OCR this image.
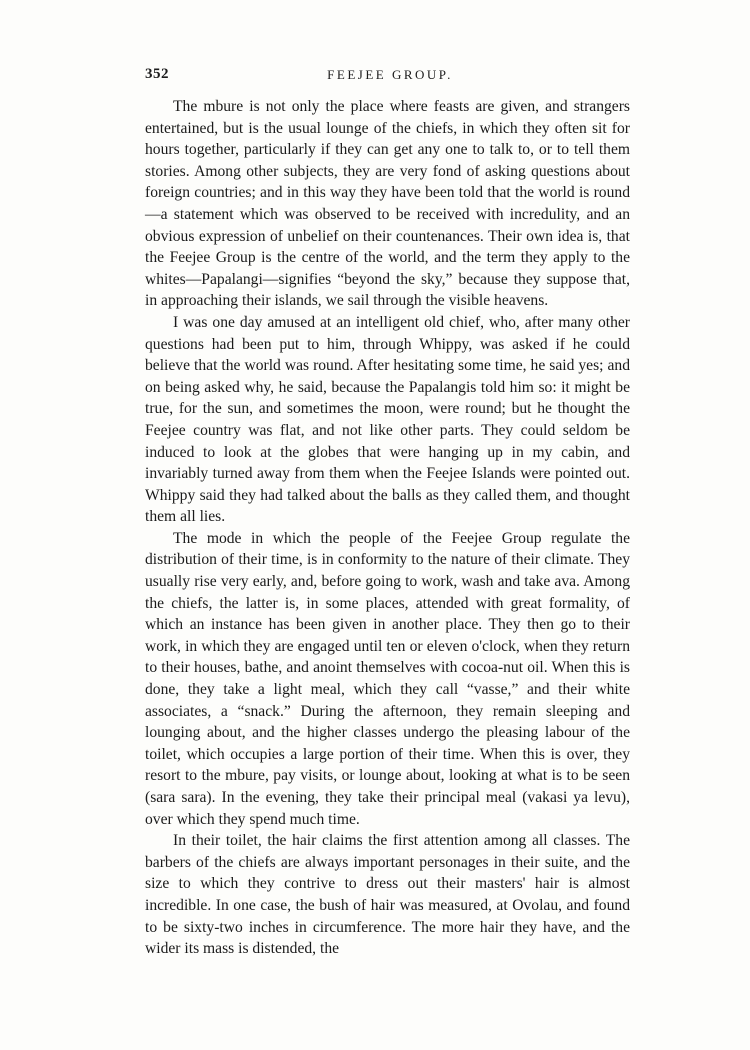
352	FEEJEE GROUP.

The mbure is not only the place where feasts are given, and strangers entertained, but is the usual lounge of the chiefs, in which they often sit for hours together, particularly if they can get any one to talk to, or to tell them stories. Among other subjects, they are very fond of asking questions about foreign countries; and in this way they have been told that the world is round—a statement which was observed to be received with incredulity, and an obvious expression of unbelief on their countenances. Their own idea is, that the Feejee Group is the centre of the world, and the term they apply to the whites—Papalangi—signifies “beyond the sky,” because they suppose that, in approaching their islands, we sail through the visible heavens.

I was one day amused at an intelligent old chief, who, after many other questions had been put to him, through Whippy, was asked if he could believe that the world was round. After hesitating some time, he said yes; and on being asked why, he said, because the Papalangis told him so: it might be true, for the sun, and sometimes the moon, were round; but he thought the Feejee country was flat, and not like other parts. They could seldom be induced to look at the globes that were hanging up in my cabin, and invariably turned away from them when the Feejee Islands were pointed out. Whippy said they had talked about the balls as they called them, and thought them all lies.

The mode in which the people of the Feejee Group regulate the distribution of their time, is in conformity to the nature of their climate. They usually rise very early, and, before going to work, wash and take ava. Among the chiefs, the latter is, in some places, attended with great formality, of which an instance has been given in another place. They then go to their work, in which they are engaged until ten or eleven o'clock, when they return to their houses, bathe, and anoint themselves with cocoa-nut oil. When this is done, they take a light meal, which they call “vasse,” and their white associates, a “snack.” During the afternoon, they remain sleeping and lounging about, and the higher classes undergo the pleasing labour of the toilet, which occupies a large portion of their time. When this is over, they resort to the mbure, pay visits, or lounge about, looking at what is to be seen (sara sara). In the evening, they take their principal meal (vakasi ya levu), over which they spend much time.

In their toilet, the hair claims the first attention among all classes. The barbers of the chiefs are always important personages in their suite, and the size to which they contrive to dress out their masters' hair is almost incredible. In one case, the bush of hair was measured, at Ovolau, and found to be sixty-two inches in circumference. The more hair they have, and the wider its mass is distended, the
